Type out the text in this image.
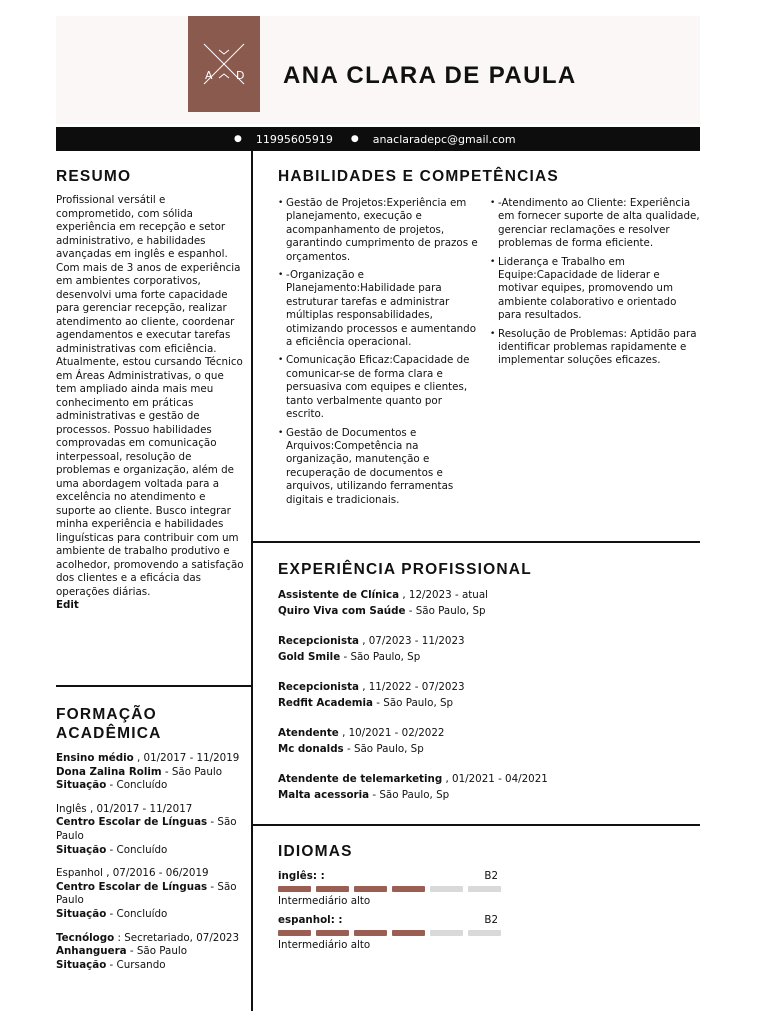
A D ANA CLARA DE PAULA
● 11995605919 ● anaclaradepc@gmail.com
RESUMO
Profissional versátil e comprometido, com sólida experiência em recepção e setor administrativo, e habilidades avançadas em inglês e espanhol. Com mais de 3 anos de experiência em ambientes corporativos, desenvolvi uma forte capacidade para gerenciar recepção, realizar atendimento ao cliente, coordenar agendamentos e executar tarefas administrativas com eficiência. Atualmente, estou cursando Técnico em Áreas Administrativas, o que tem ampliado ainda mais meu conhecimento em práticas administrativas e gestão de processos. Possuo habilidades comprovadas em comunicação interpessoal, resolução de problemas e organização, além de uma abordagem voltada para a excelência no atendimento e suporte ao cliente. Busco integrar minha experiência e habilidades linguísticas para contribuir com um ambiente de trabalho produtivo e acolhedor, promovendo a satisfação dos clientes e a eficácia das operações diárias.
Edit
FORMAÇÃO ACADÊMICA
Ensino médio , 01/2017 - 11/2019
Dona Zalina Rolim - São Paulo
Situação - Concluído
Inglês , 01/2017 - 11/2017
Centro Escolar de Línguas - São Paulo
Situação - Concluído
Espanhol , 07/2016 - 06/2019
Centro Escolar de Línguas - São Paulo
Situação - Concluído
Tecnólogo : Secretariado, 07/2023
Anhanguera - São Paulo
Situação - Cursando
HABILIDADES E COMPETÊNCIAS
• Gestão de Projetos:Experiência em planejamento, execução e acompanhamento de projetos, garantindo cumprimento de prazos e orçamentos.
• -Organização e Planejamento:Habilidade para estruturar tarefas e administrar múltiplas responsabilidades, otimizando processos e aumentando a eficiência operacional.
• Comunicação Eficaz:Capacidade de comunicar-se de forma clara e persuasiva com equipes e clientes, tanto verbalmente quanto por escrito.
• Gestão de Documentos e Arquivos:Competência na organização, manutenção e recuperação de documentos e arquivos, utilizando ferramentas digitais e tradicionais.
• -Atendimento ao Cliente: Experiência em fornecer suporte de alta qualidade, gerenciar reclamações e resolver problemas de forma eficiente.
• Liderança e Trabalho em Equipe:Capacidade de liderar e motivar equipes, promovendo um ambiente colaborativo e orientado para resultados.
• Resolução de Problemas: Aptidão para identificar problemas rapidamente e implementar soluções eficazes.
EXPERIÊNCIA PROFISSIONAL
Assistente de Clínica , 12/2023 - atual
Quiro Viva com Saúde - São Paulo, Sp
Recepcionista , 07/2023 - 11/2023
Gold Smile - São Paulo, Sp
Recepcionista , 11/2022 - 07/2023
Redfit Academia - São Paulo, Sp
Atendente , 10/2021 - 02/2022
Mc donalds - São Paulo, Sp
Atendente de telemarketing , 01/2021 - 04/2021
Malta acessoria - São Paulo, Sp
IDIOMAS
inglês: :	B2
Intermediário alto
espanhol: :	B2
Intermediário alto
